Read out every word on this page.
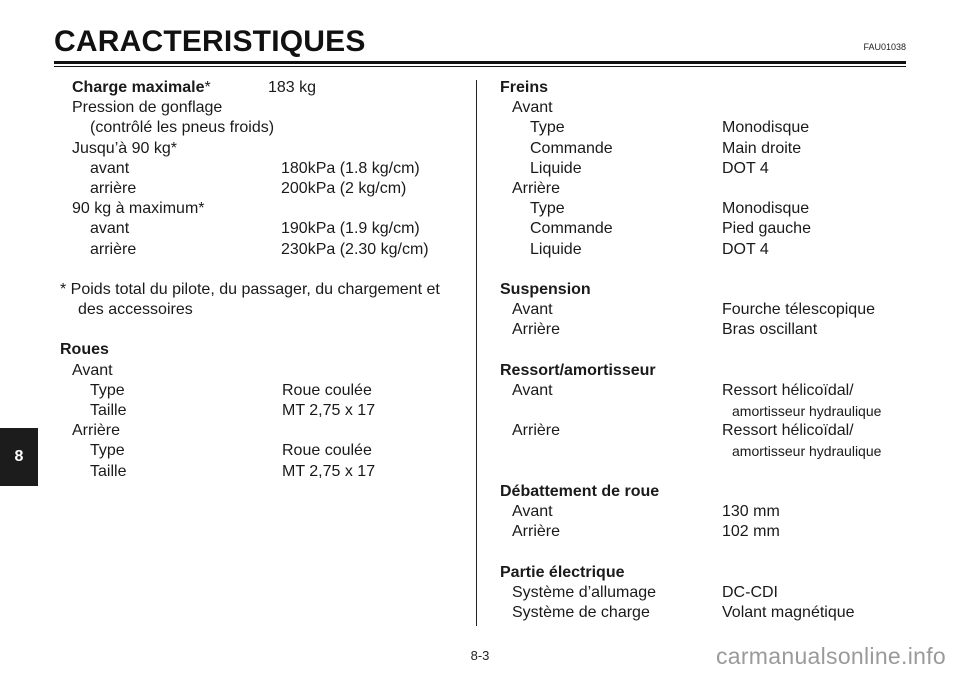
CARACTERISTIQUES	FAU01038
8
Charge maximale*	183 kg
Pression de gonflage
(contrôlé les pneus froids)
Jusqu’à 90 kg*
avant	180kPa (1.8 kg/cm)
arrière	200kPa (2 kg/cm)
90 kg à maximum*
avant	190kPa (1.9 kg/cm)
arrière	230kPa (2.30 kg/cm)
* Poids total du pilote, du passager, du chargement et
des accessoires
Roues
Avant
Type	Roue coulée
Taille	MT 2,75 x 17
Arrière
Type	Roue coulée
Taille	MT 2,75 x 17
Freins
Avant
Type	Monodisque
Commande	Main droite
Liquide	DOT 4
Arrière
Type	Monodisque
Commande	Pied gauche
Liquide	DOT 4
Suspension
Avant	Fourche télescopique
Arrière	Bras oscillant
Ressort/amortisseur
Avant	Ressort hélicoïdal/
amortisseur hydraulique
Arrière	Ressort hélicoïdal/
amortisseur hydraulique
Débattement de roue
Avant	130 mm
Arrière	102 mm
Partie électrique
Système d’allumage	DC-CDI
Système de charge	Volant magnétique
8-3	carmanualsonline.info
